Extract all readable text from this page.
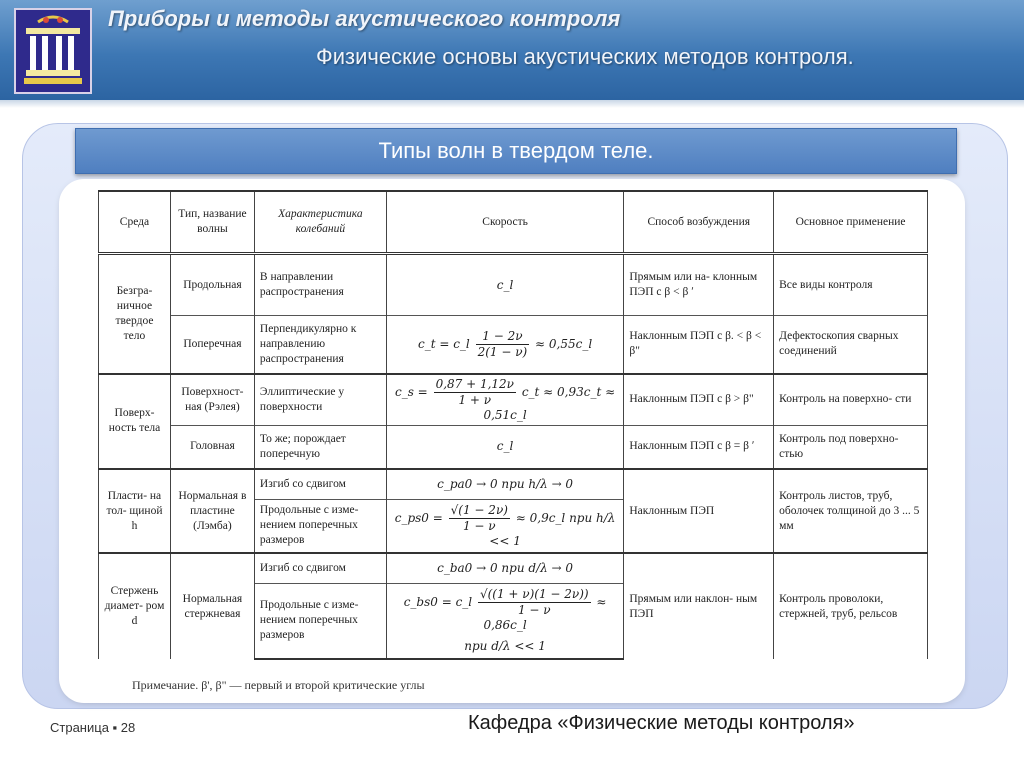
Приборы и методы акустического контроля
Физические основы акустических методов контроля.
Типы волн в твердом теле.
Среда	Тип, название волны	Характеристика колебаний	Скорость	Способ возбуждения	Основное применение
Безгра- ничное твердое тело	Продольная	В направлении распространения	c_l	Прямым или на- клонным ПЭП с β < β ʹ	Все виды контроля
	Поперечная	Перпендикулярно к направлению распространения	c_t = c_l $\frac{1 - 2\nu}{2(1 - \nu)}$ ≈ 0,55c_l	Наклонным ПЭП с β. < β < β"	Дефектоскопия сварных соединений
Поверх- ность тела	Поверхност- ная (Рэлея)	Эллиптические у поверхности	c_s = $\frac{0,87 + 1,12\nu}{1 + \nu}$ c_t ≈ 0,93c_t ≈ 0,51c_l	Наклонным ПЭП с β > β"	Контроль на поверхно- сти
	Головная	То же; порождает поперечную	c_l	Наклонным ПЭП с β = β ʹ	Контроль под поверхно- стью
Пласти- на тол- щиной h	Нормальная в пластине (Лэмба)	Изгиб со сдвигом	c_pa0 → 0 при h/λ → 0	Наклонным ПЭП	Контроль листов, труб, оболочек толщиной до 3 ... 5 мм
		Продольные с изме- нением поперечных размеров	c_ps0 = $\frac{√(1 - 2\nu)}{1 - \nu}$ ≈ 0,9c_l при h/λ << 1		
Стержень диамет- ром d	Нормальная стержневая	Изгиб со сдвигом	c_ba0 → 0 при d/λ → 0	Прямым или наклон- ным ПЭП	Контроль проволоки, стержней, труб, рельсов
		Продольные с изме- нением поперечных размеров	c_bs0 = c_l $\frac{√((1 + \nu)(1 - 2\nu))}{1 - \nu}$ ≈ 0,86c_l
при d/λ << 1		
Примечание. β', β" — первый и второй критические углы
Страница ▪ 28	Кафедра «Физические методы контроля»
